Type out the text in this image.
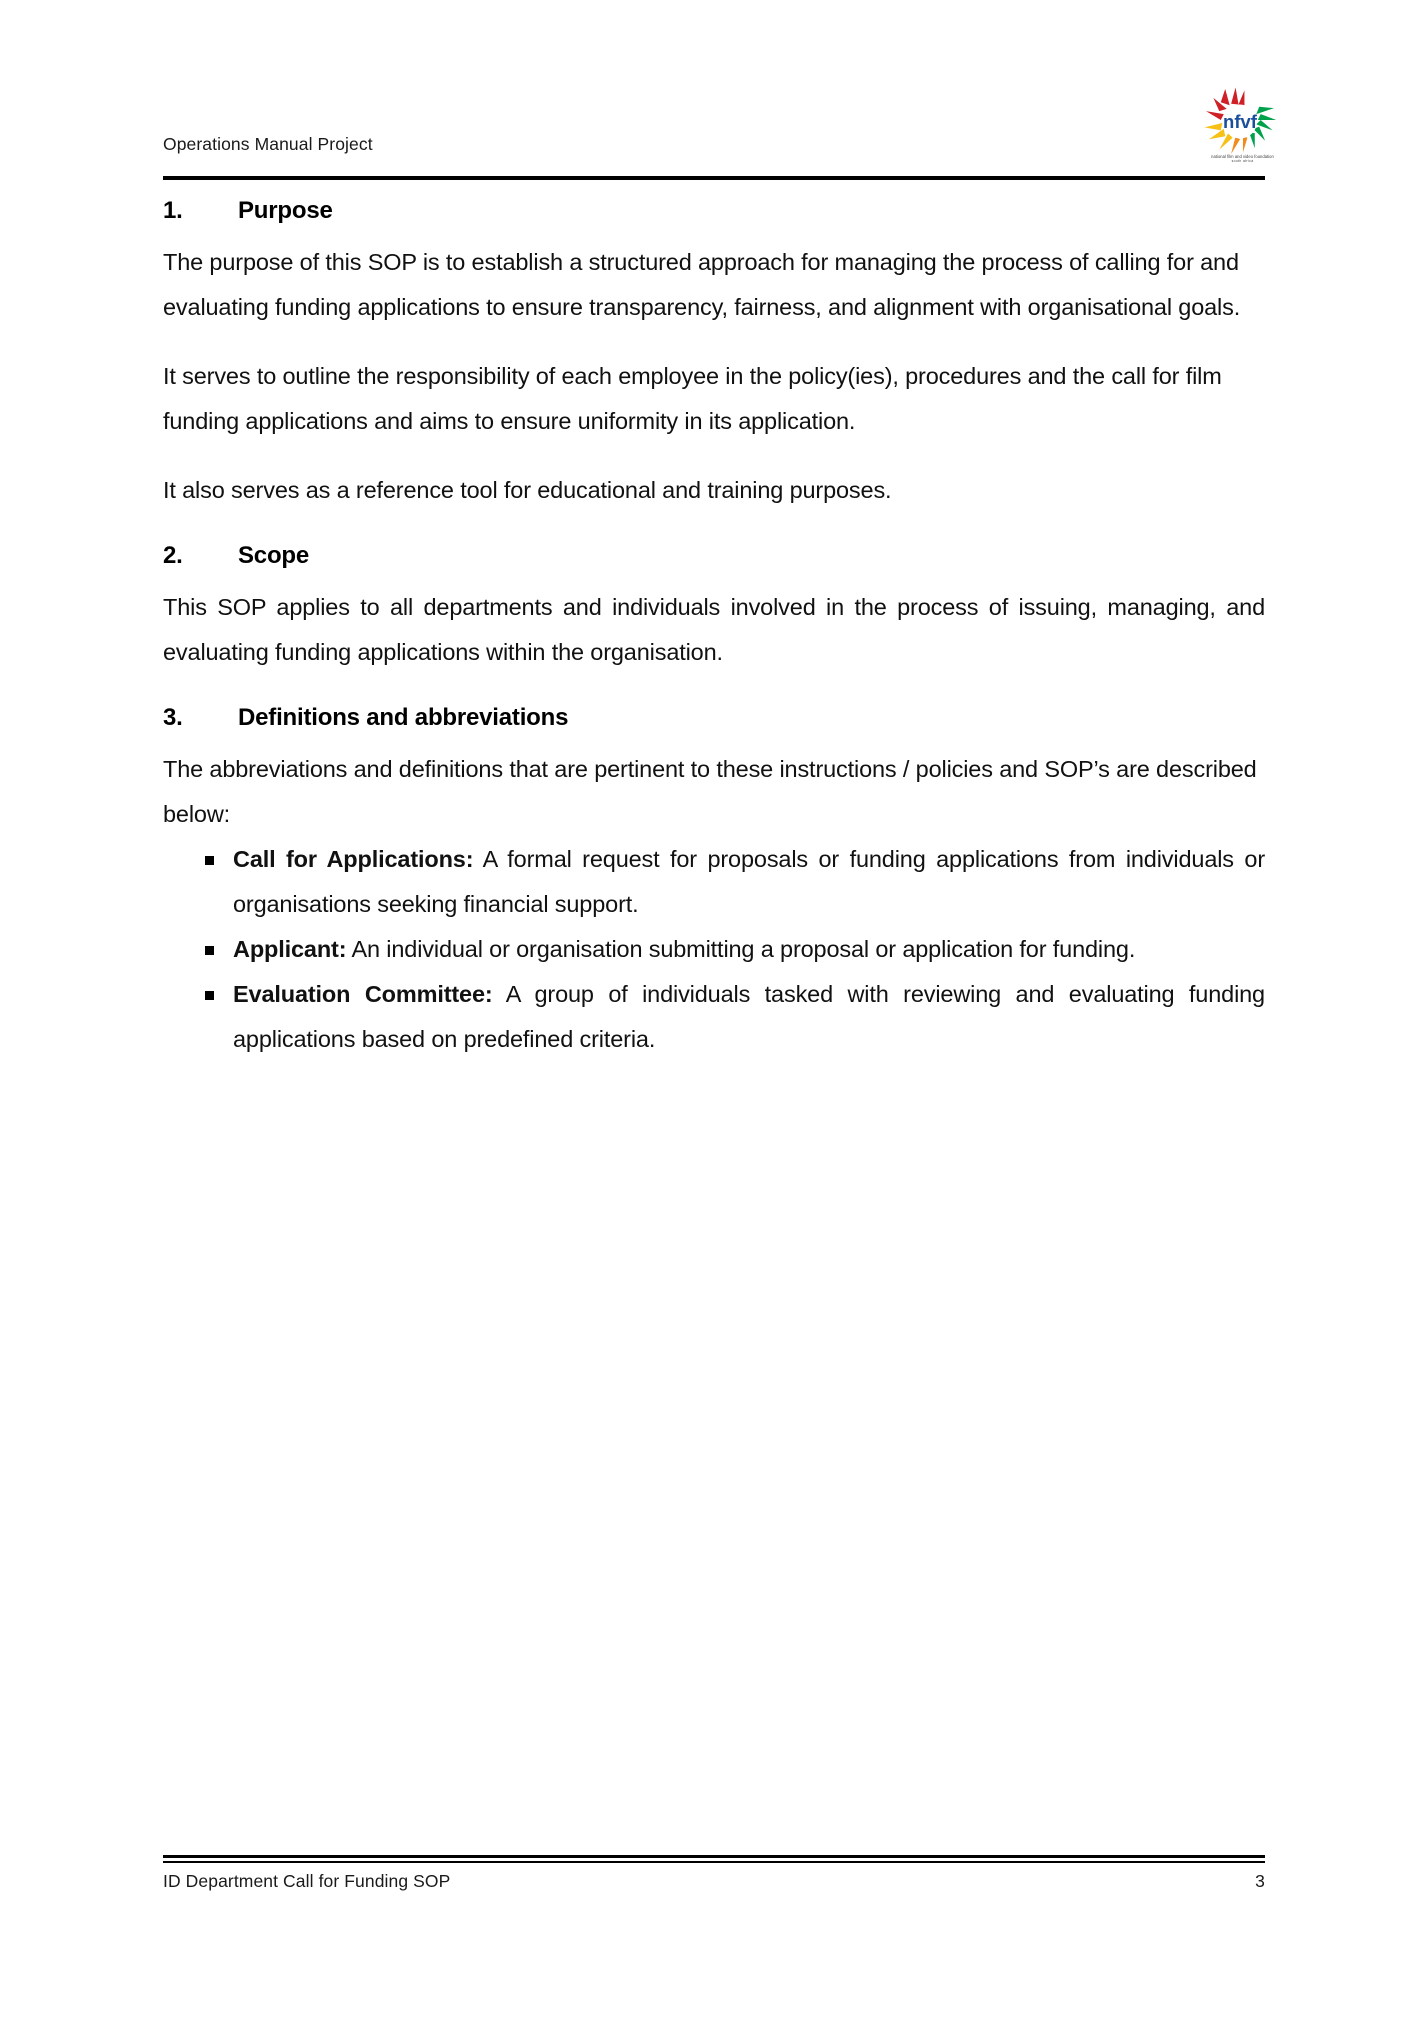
Operations Manual Project
nfvf
national film and video foundation
south africa
1. Purpose

The purpose of this SOP is to establish a structured approach for managing the process of calling for and evaluating funding applications to ensure transparency, fairness, and alignment with organisational goals.

It serves to outline the responsibility of each employee in the policy(ies), procedures and the call for film funding applications and aims to ensure uniformity in its application.

It also serves as a reference tool for educational and training purposes.

2. Scope

This SOP applies to all departments and individuals involved in the process of issuing, managing, and evaluating funding applications within the organisation.

3. Definitions and abbreviations

The abbreviations and definitions that are pertinent to these instructions / policies and SOP’s are described below:

Call for Applications: A formal request for proposals or funding applications from individuals or organisations seeking financial support.
Applicant: An individual or organisation submitting a proposal or application for funding.
Evaluation Committee: A group of individuals tasked with reviewing and evaluating funding applications based on predefined criteria.
ID Department Call for Funding SOP	3
